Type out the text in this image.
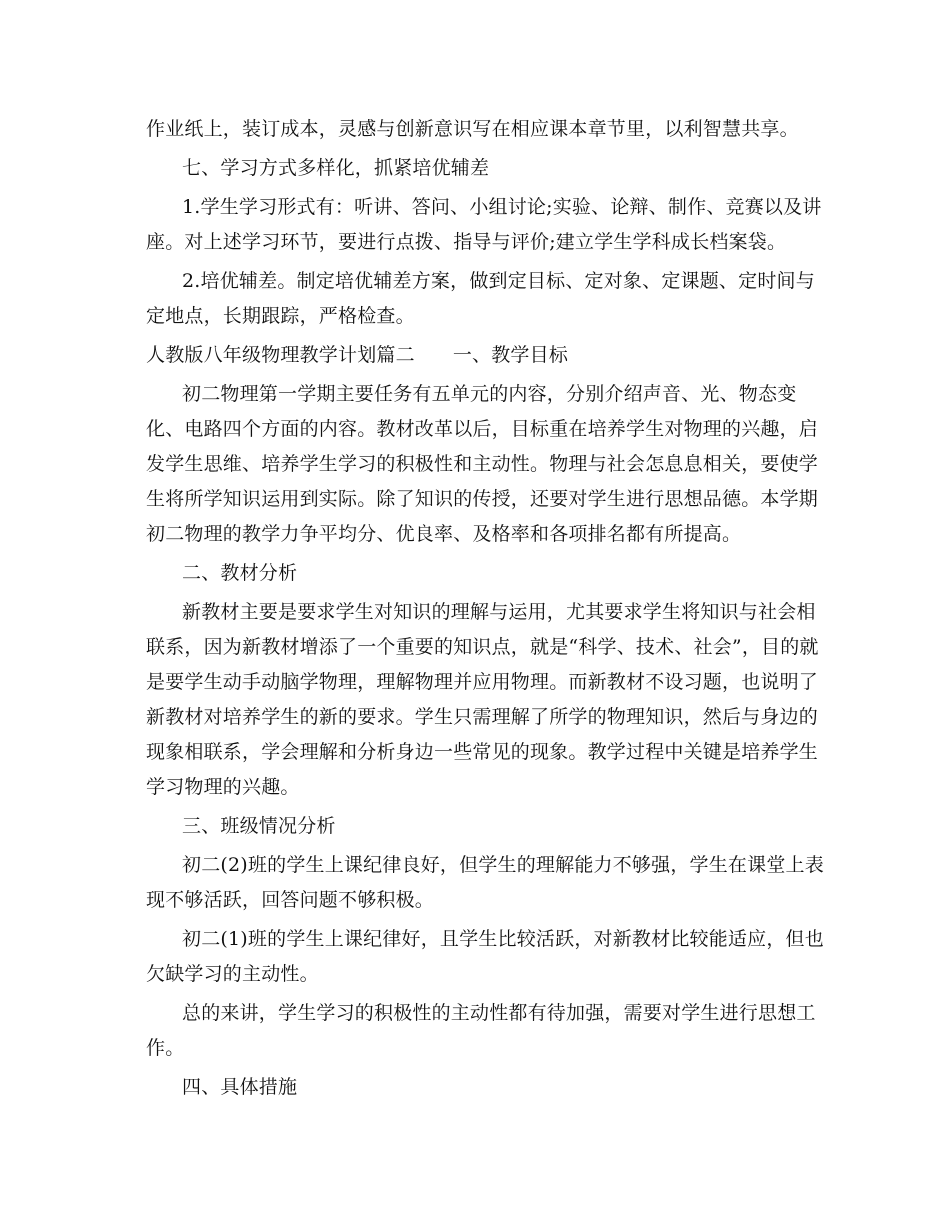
作业纸上，装订成本，灵感与创新意识写在相应课本章节里，以利智慧共享。
七、学习方式多样化，抓紧培优辅差
1.学生学习形式有：听讲、答问、小组讨论;实验、论辩、制作、竞赛以及讲
座。对上述学习环节，要进行点拨、指导与评价;建立学生学科成长档案袋。
2.培优辅差。制定培优辅差方案，做到定目标、定对象、定课题、定时间与
定地点，长期跟踪，严格检查。
人教版八年级物理教学计划篇二 一、教学目标
初二物理第一学期主要任务有五单元的内容，分别介绍声音、光、物态变
化、电路四个方面的内容。教材改革以后，目标重在培养学生对物理的兴趣，启
发学生思维、培养学生学习的积极性和主动性。物理与社会怎息息相关，要使学
生将所学知识运用到实际。除了知识的传授，还要对学生进行思想品德。本学期
初二物理的教学力争平均分、优良率、及格率和各项排名都有所提高。
二、教材分析
新教材主要是要求学生对知识的理解与运用，尤其要求学生将知识与社会相
联系，因为新教材增添了一个重要的知识点，就是“科学、技术、社会”，目的就
是要学生动手动脑学物理，理解物理并应用物理。而新教材不设习题，也说明了
新教材对培养学生的新的要求。学生只需理解了所学的物理知识，然后与身边的
现象相联系，学会理解和分析身边一些常见的现象。教学过程中关键是培养学生
学习物理的兴趣。
三、班级情况分析
初二(2)班的学生上课纪律良好，但学生的理解能力不够强，学生在课堂上表
现不够活跃，回答问题不够积极。
初二(1)班的学生上课纪律好，且学生比较活跃，对新教材比较能适应，但也
欠缺学习的主动性。
总的来讲，学生学习的积极性的主动性都有待加强，需要对学生进行思想工
作。
四、具体措施
